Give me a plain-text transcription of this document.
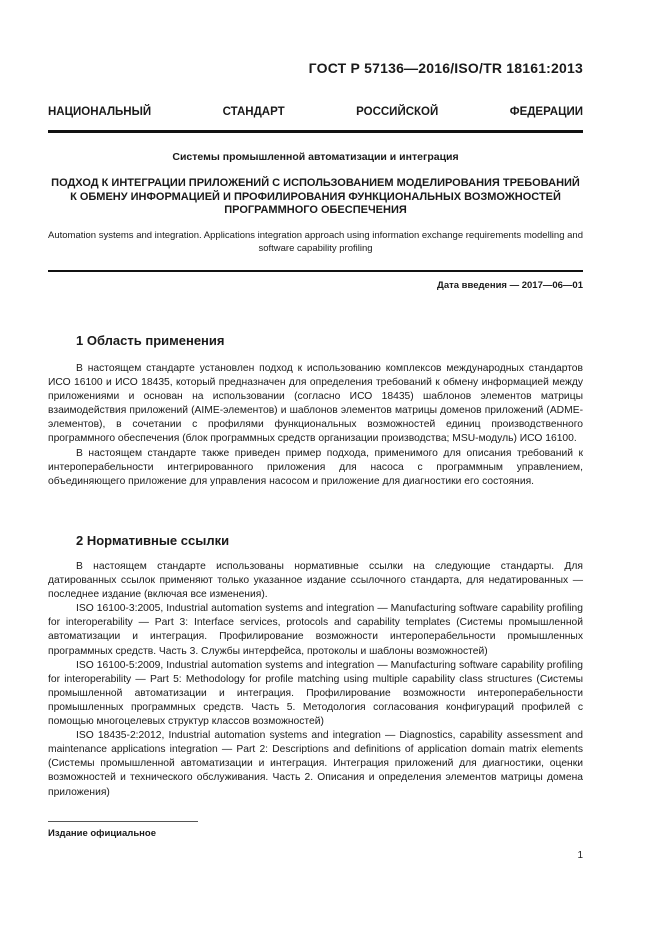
ГОСТ Р 57136—2016/ISO/TR 18161:2013
НАЦИОНАЛЬНЫЙ СТАНДАРТ РОССИЙСКОЙ ФЕДЕРАЦИИ
Системы промышленной автоматизации и интеграция
ПОДХОД К ИНТЕГРАЦИИ ПРИЛОЖЕНИЙ С ИСПОЛЬЗОВАНИЕМ МОДЕЛИРОВАНИЯ ТРЕБОВАНИЙ К ОБМЕНУ ИНФОРМАЦИЕЙ И ПРОФИЛИРОВАНИЯ ФУНКЦИОНАЛЬНЫХ ВОЗМОЖНОСТЕЙ ПРОГРАММНОГО ОБЕСПЕЧЕНИЯ
Automation systems and integration. Applications integration approach using information exchange requirements modelling and software capability profiling
Дата введения — 2017—06—01
1 Область применения

В настоящем стандарте установлен подход к использованию комплексов международных стандартов ИСО 16100 и ИСО 18435, который предназначен для определения требований к обмену информацией между приложениями и основан на использовании (согласно ИСО 18435) шаблонов элементов матрицы взаимодействия приложений (AIME-элементов) и шаблонов элементов матрицы доменов приложений (ADME-элементов), в сочетании с профилями функциональных возможностей единиц производственного программного обеспечения (блок программных средств организации производства; MSU-модуль) ИСО 16100.

В настоящем стандарте также приведен пример подхода, применимого для описания требований к интероперабельности интегрированного приложения для насоса с программным управлением, объединяющего приложение для управления насосом и приложение для диагностики его состояния.

2 Нормативные ссылки

В настоящем стандарте использованы нормативные ссылки на следующие стандарты. Для датированных ссылок применяют только указанное издание ссылочного стандарта, для недатированных — последнее издание (включая все изменения).

ISO 16100-3:2005, Industrial automation systems and integration — Manufacturing software capability profiling for interoperability — Part 3: Interface services, protocols and capability templates (Системы промышленной автоматизации и интеграция. Профилирование возможности интероперабельности промышленных программных средств. Часть 3. Службы интерфейса, протоколы и шаблоны возможностей)

ISO 16100-5:2009, Industrial automation systems and integration — Manufacturing software capability profiling for interoperability — Part 5: Methodology for profile matching using multiple capability class structures (Системы промышленной автоматизации и интеграция. Профилирование возможности интероперабельности промышленных программных средств. Часть 5. Методология согласования конфигураций профилей с помощью многоцелевых структур классов возможностей)

ISO 18435-2:2012, Industrial automation systems and integration — Diagnostics, capability assessment and maintenance applications integration — Part 2: Descriptions and definitions of application domain matrix elements (Системы промышленной автоматизации и интеграция. Интеграция приложений для диагностики, оценки возможностей и технического обслуживания. Часть 2. Описания и определения элементов матрицы домена приложения)

Издание официальное
1
